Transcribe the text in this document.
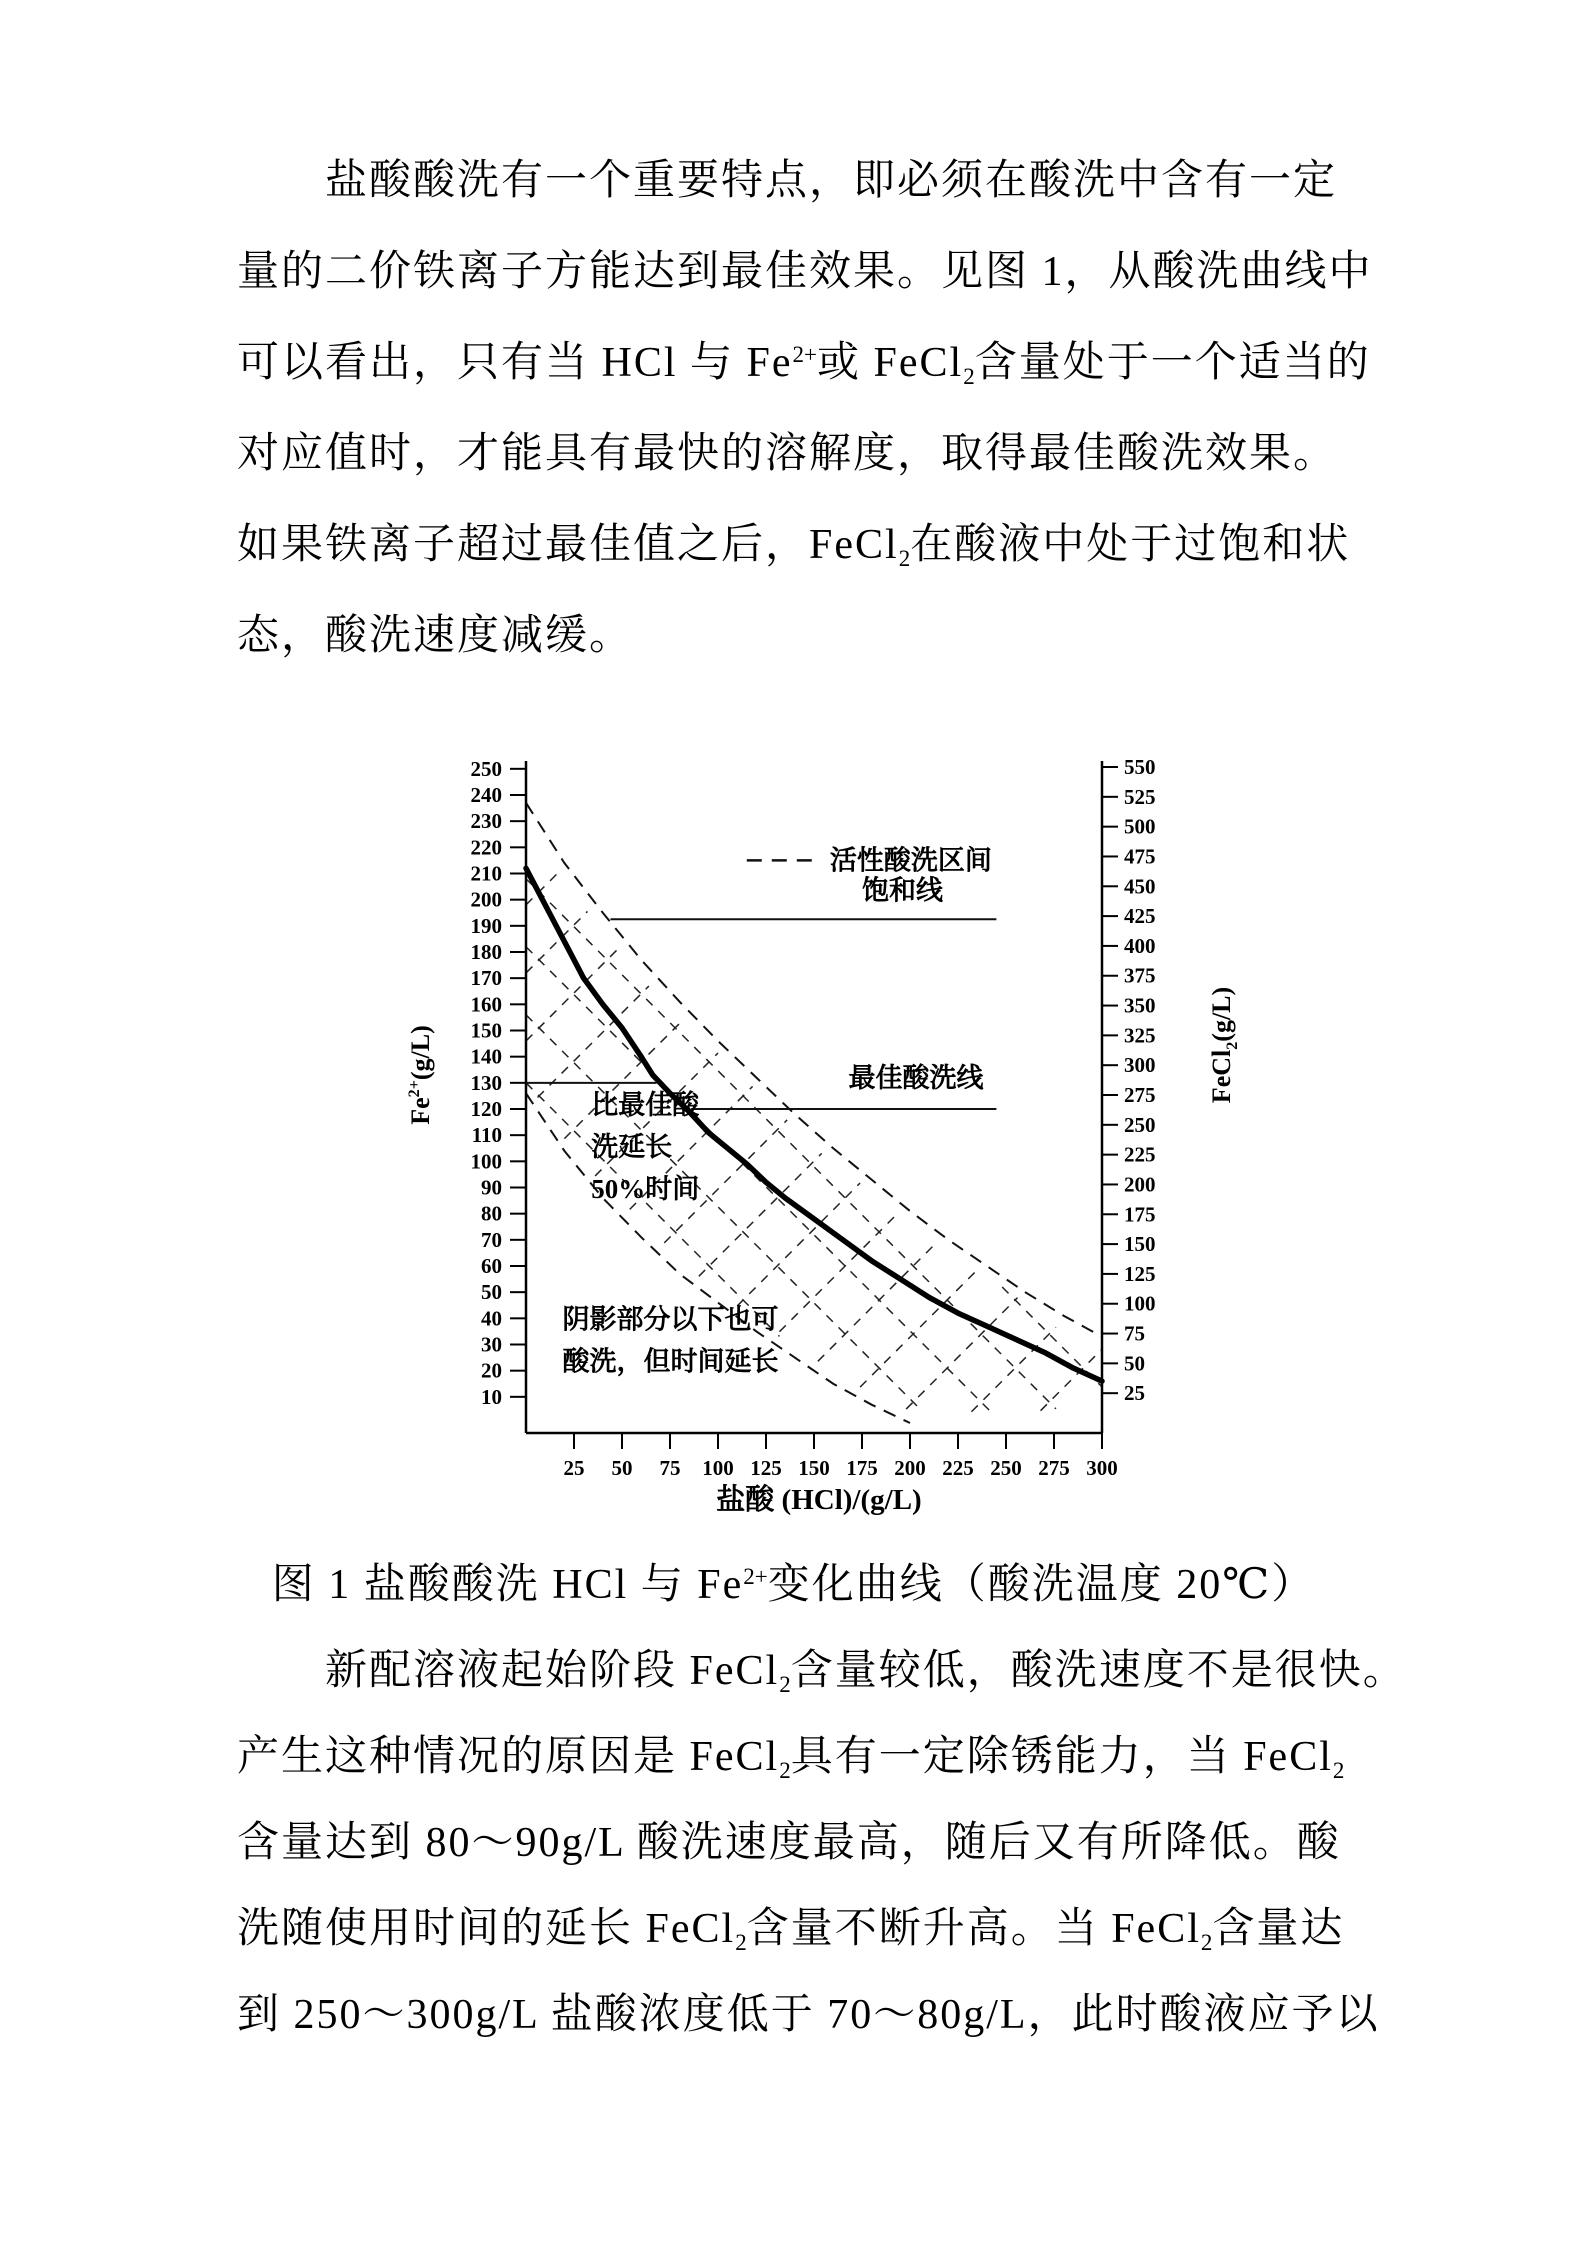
盐酸酸洗有一个重要特点，即必须在酸洗中含有一定
量的二价铁离子方能达到最佳效果。见图 1，从酸洗曲线中
可以看出，只有当 HCl 与 $Fe^{2+}$或 FeCl$_2$含量处于一个适当的
对应值时，才能具有最快的溶解度，取得最佳酸洗效果。
如果铁离子超过最佳值之后，FeCl$_2$在酸液中处于过饱和状
态，酸洗速度减缓。
10
20
30
40
50
60
70
80
90
100
110
120
130
140
150
160
170
180
190
200
210
220
230
240
250
25
50
75
100
125
150
175
200
225
250
275
300
325
350
375
400
425
450
475
500
525
550
25 50 75 100 125 150 175 200 225 250 275 300
$Fe^{2+}(g/L)$	FeCl$_2$(g/L)
盐酸 (HCl)/(g/L)
饱和线
最佳酸洗线
比最佳酸
洗延长
50%时间
阴影部分以下也可
酸洗，但时间延长
活性酸洗区间
图 1 盐酸酸洗 HCl 与 $Fe^{2+}$变化曲线（酸洗温度 20℃）
新配溶液起始阶段 FeCl$_2$含量较低，酸洗速度不是很快。
产生这种情况的原因是 FeCl$_2$具有一定除锈能力，当 FeCl$_2$
含量达到 80～90g/L 酸洗速度最高，随后又有所降低。酸
洗随使用时间的延长 FeCl$_2$含量不断升高。当 FeCl$_2$含量达
到 250～300g/L 盐酸浓度低于 70～80g/L，此时酸液应予以
